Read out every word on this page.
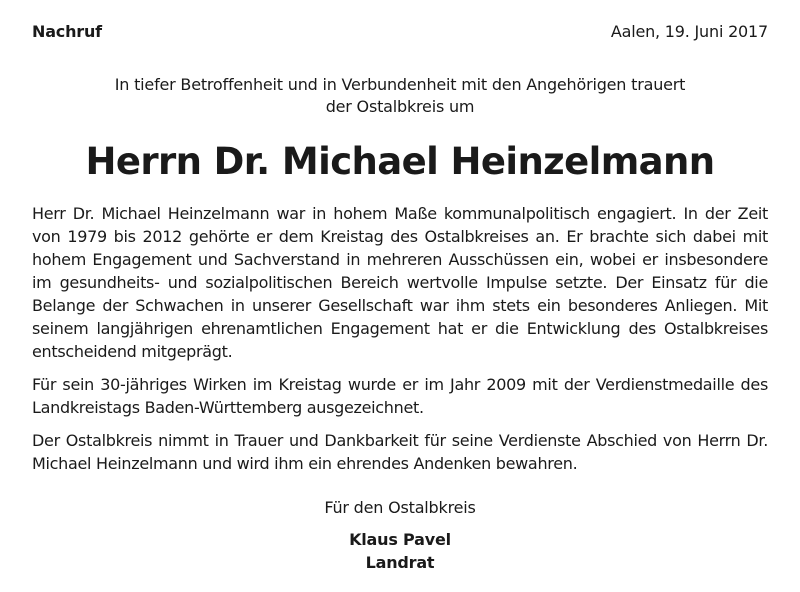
Nachruf	Aalen, 19. Juni 2017
In tiefer Betroffenheit und in Verbundenheit mit den Angehörigen trauert
der Ostalbkreis um
Herrn Dr. Michael Heinzelmann

Herr Dr. Michael Heinzelmann war in hohem Maße kommunalpolitisch engagiert. In der Zeit von 1979 bis 2012 gehörte er dem Kreistag des Ostalbkreises an. Er brachte sich dabei mit hohem Engagement und Sachverstand in mehreren Ausschüssen ein, wobei er insbesondere im gesundheits- und sozialpolitischen Bereich wertvolle Impulse setzte. Der Einsatz für die Belange der Schwachen in unserer Gesellschaft war ihm stets ein besonderes Anliegen. Mit seinem langjährigen ehrenamtlichen Engagement hat er die Entwicklung des Ostalbkreises entscheidend mitgeprägt.

Für sein 30-jähriges Wirken im Kreistag wurde er im Jahr 2009 mit der Verdienstmedaille des Landkreistags Baden-Württemberg ausgezeichnet.

Der Ostalbkreis nimmt in Trauer und Dankbarkeit für seine Verdienste Abschied von Herrn Dr. Michael Heinzelmann und wird ihm ein ehrendes Andenken bewahren.

Für den Ostalbkreis
Klaus Pavel
Landrat
